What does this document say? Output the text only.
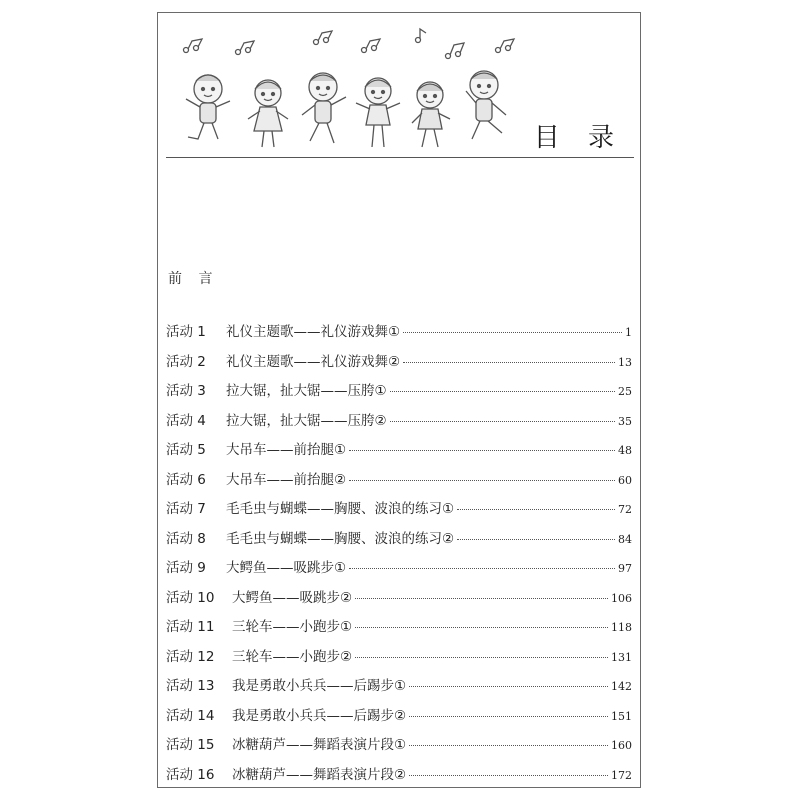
目 录
前 言
活动 1	礼仪主题歌——礼仪游戏舞①	1
活动 2	礼仪主题歌——礼仪游戏舞②	13
活动 3	拉大锯，扯大锯——压胯①	25
活动 4	拉大锯，扯大锯——压胯②	35
活动 5	大吊车——前抬腿①	48
活动 6	大吊车——前抬腿②	60
活动 7	毛毛虫与蝴蝶——胸腰、波浪的练习①	72
活动 8	毛毛虫与蝴蝶——胸腰、波浪的练习②	84
活动 9	大鳄鱼——吸跳步①	97
活动 10	大鳄鱼——吸跳步②	106
活动 11	三轮车——小跑步①	118
活动 12	三轮车——小跑步②	131
活动 13	我是勇敢小兵兵——后踢步①	142
活动 14	我是勇敢小兵兵——后踢步②	151
活动 15	冰糖葫芦——舞蹈表演片段①	160
活动 16	冰糖葫芦——舞蹈表演片段②	172
